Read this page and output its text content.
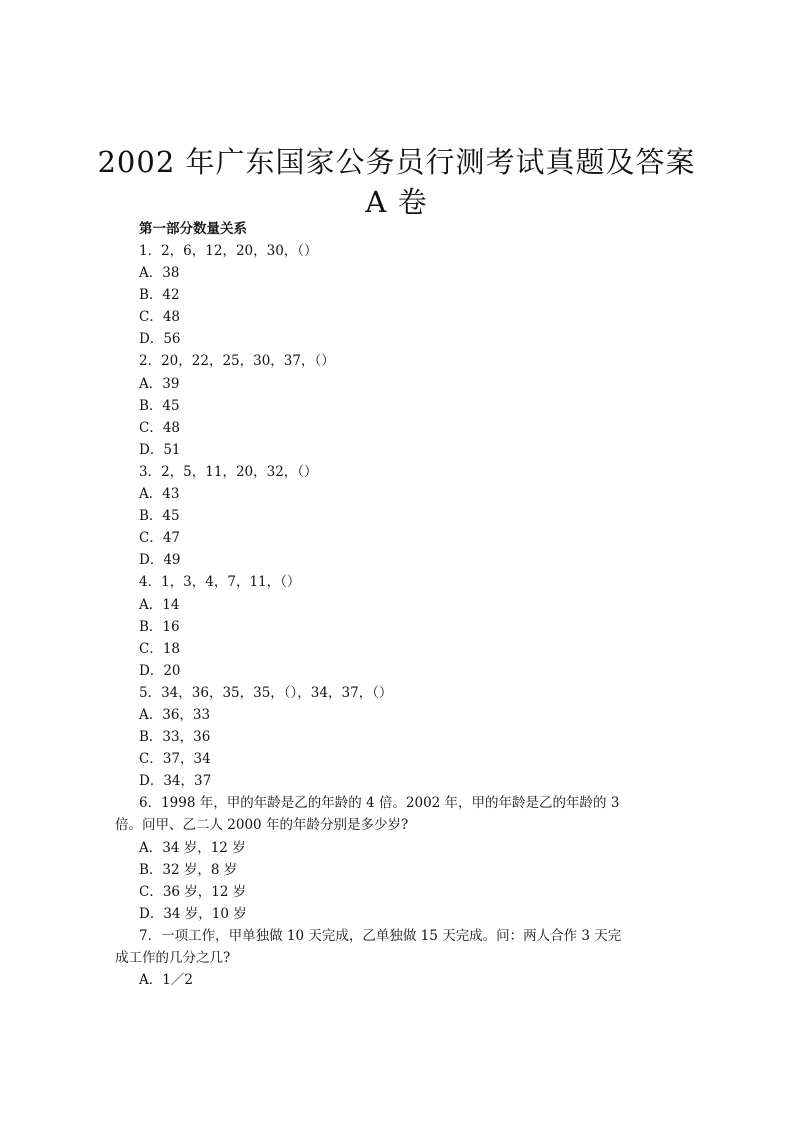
2002 年广东国家公务员行测考试真题及答案
A 卷
第一部分数量关系
1．2，6，12，20，30，（）
A．38
B．42
C．48
D．56
2．20，22，25，30，37，（）
A．39
B．45
C．48
D．51
3．2，5，11，20，32，（）
A．43
B．45
C．47
D．49
4．1，3，4，7，11，（）
A．14
B．16
C．18
D．20
5．34，36，35，35，（），34，37，（）
A．36，33
B．33，36
C．37，34
D．34，37
6．1998 年，甲的年龄是乙的年龄的 4 倍。2002 年，甲的年龄是乙的年龄的 3
倍。问甲、乙二人 2000 年的年龄分别是多少岁?
A．34 岁，12 岁
B．32 岁，8 岁
C．36 岁，12 岁
D．34 岁，10 岁
7．一项工作，甲单独做 10 天完成，乙单独做 15 天完成。问：两人合作 3 天完
成工作的几分之几?
A．1／2
